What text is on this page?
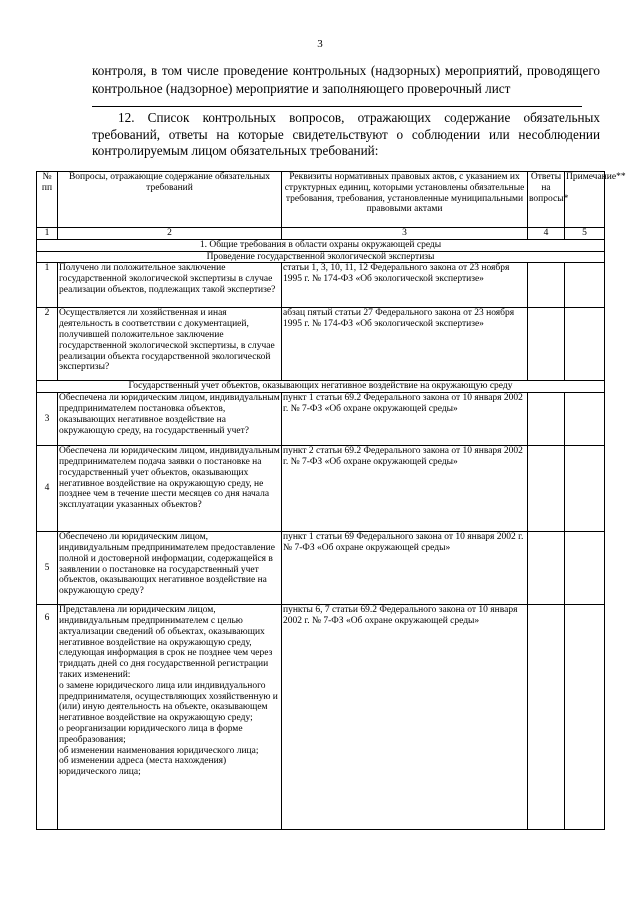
3
контроля, в том числе проведение контрольных (надзорных) мероприятий, проводящего контрольное (надзорное) мероприятие и заполняющего проверочный лист
12. Список контрольных вопросов, отражающих содержание обязательных требований, ответы на которые свидетельствуют о соблюдении или несоблюдении контролируемым лицом обязательных требований:
№ пп	Вопросы, отражающие содержание обязательных требований	Реквизиты нормативных правовых актов, с указанием их структурных единиц, которыми установлены обязательные требования, требования, установленные муниципальными правовыми актами	Ответы на вопросы*	Примечание**
1	2	3	4	5
1. Общие требования в области охраны окружающей среды				
Проведение государственной экологической экспертизы				
1	Получено ли положительное заключение государственной экологической экспертизы в случае реализации объектов, подлежащих такой экспертизе?	статьи 1, 3, 10, 11, 12 Федерального закона от 23 ноября 1995 г. № 174-ФЗ «Об экологической экспертизе»		
2	Осуществляется ли хозяйственная и иная деятельность в соответствии с документацией, получившей положительное заключение государственной экологической экспертизы, в случае реализации объекта государственной экологической экспертизы?	абзац пятый статьи 27 Федерального закона от 23 ноября 1995 г. № 174-ФЗ «Об экологической экспертизе»		
Государственный учет объектов, оказывающих негативное воздействие на окружающую среду				
3	Обеспечена ли юридическим лицом, индивидуальным предпринимателем постановка объектов, оказывающих негативное воздействие на окружающую среду, на государственный учет?	пункт 1 статьи 69.2 Федерального закона от 10 января 2002 г. № 7-ФЗ «Об охране окружающей среды»		
4	Обеспечена ли юридическим лицом, индивидуальным предпринимателем подача заявки о постановке на государственный учет объектов, оказывающих негативное воздействие на окружающую среду, не позднее чем в течение шести месяцев со дня начала эксплуатации указанных объектов?	пункт 2 статьи 69.2 Федерального закона от 10 января 2002 г. № 7-ФЗ «Об охране окружающей среды»		
5	Обеспечено ли юридическим лицом, индивидуальным предпринимателем предоставление полной и достоверной информации, содержащейся в заявлении о постановке на государственный учет объектов, оказывающих негативное воздействие на окружающую среду?	пункт 1 статьи 69 Федерального закона от 10 января 2002 г. № 7-ФЗ «Об охране окружающей среды»		
6	Представлена ли юридическим лицом, индивидуальным предпринимателем с целью актуализации сведений об объектах, оказывающих негативное воздействие на окружающую среду, следующая информация в срок не позднее чем через тридцать дней со дня государственной регистрации таких изменений:
о замене юридического лица или индивидуального предпринимателя, осуществляющих хозяйственную и (или) иную деятельность на объекте, оказывающем негативное воздействие на окружающую среду;
о реорганизации юридического лица в форме преобразования;
об изменении наименования юридического лица;
об изменении адреса (места нахождения) юридического лица;	пункты 6, 7 статьи 69.2 Федерального закона от 10 января 2002 г. № 7-ФЗ «Об охране окружающей среды»		
